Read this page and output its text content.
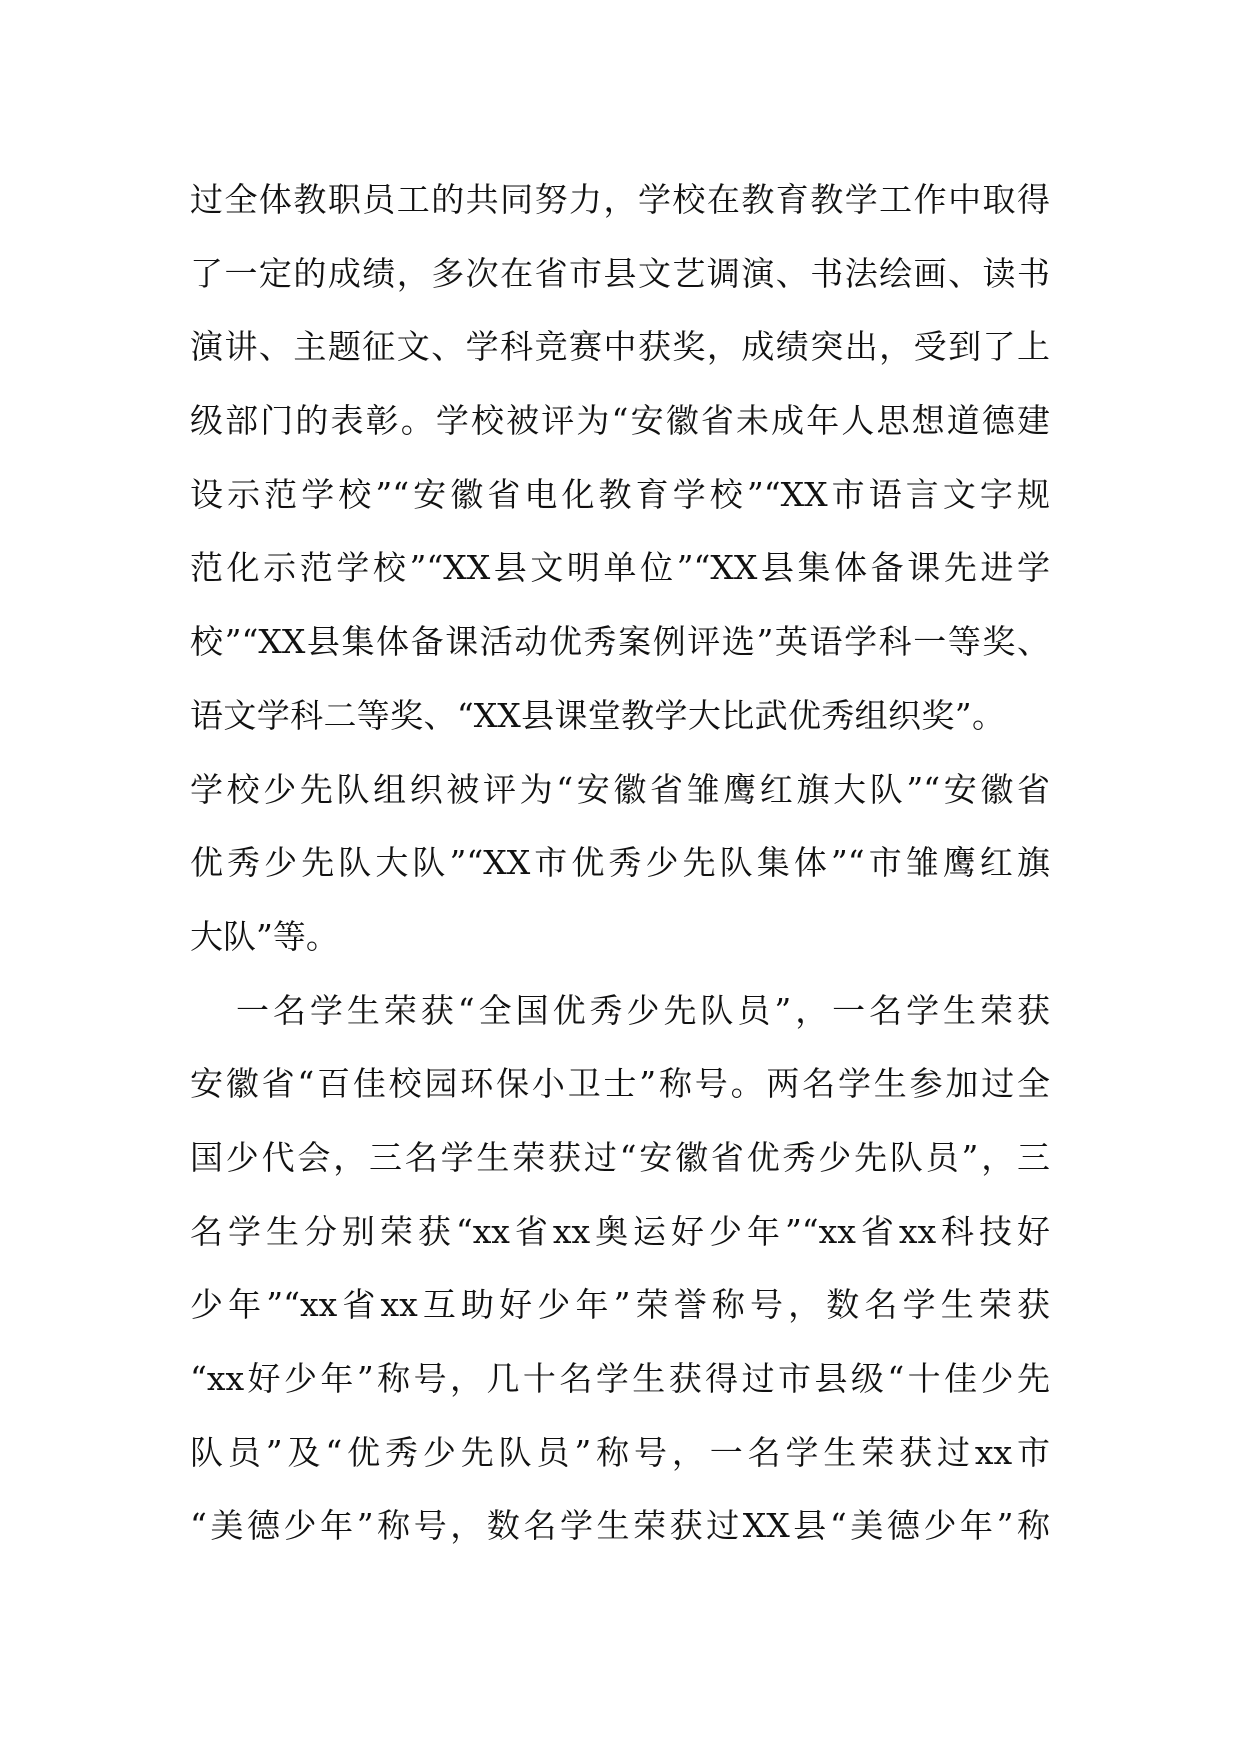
过全体教职员工的共同努力，学校在教育教学工作中取得
了一定的成绩，多次在省市县文艺调演、书法绘画、读书
演讲、主题征文、学科竞赛中获奖，成绩突出，受到了上
级部门的表彰。学校被评为“安徽省未成年人思想道德建
设示范学校”“安徽省电化教育学校”“XX市语言文字规
范化示范学校”“XX县文明单位”“XX县集体备课先进学
校”“XX县集体备课活动优秀案例评选”英语学科一等奖、
语文学科二等奖、“XX县课堂教学大比武优秀组织奖”。
学校少先队组织被评为“安徽省雏鹰红旗大队”“安徽省
优秀少先队大队”“XX市优秀少先队集体”“市雏鹰红旗
大队”等。
一名学生荣获“全国优秀少先队员”，一名学生荣获
安徽省“百佳校园环保小卫士”称号。两名学生参加过全
国少代会，三名学生荣获过“安徽省优秀少先队员”，三
名学生分别荣获“xx省xx奥运好少年”“xx省xx科技好
少年”“xx省xx互助好少年”荣誉称号，数名学生荣获
“xx好少年”称号，几十名学生获得过市县级“十佳少先
队员”及“优秀少先队员”称号，一名学生荣获过xx市
“美德少年”称号，数名学生荣获过XX县“美德少年”称
